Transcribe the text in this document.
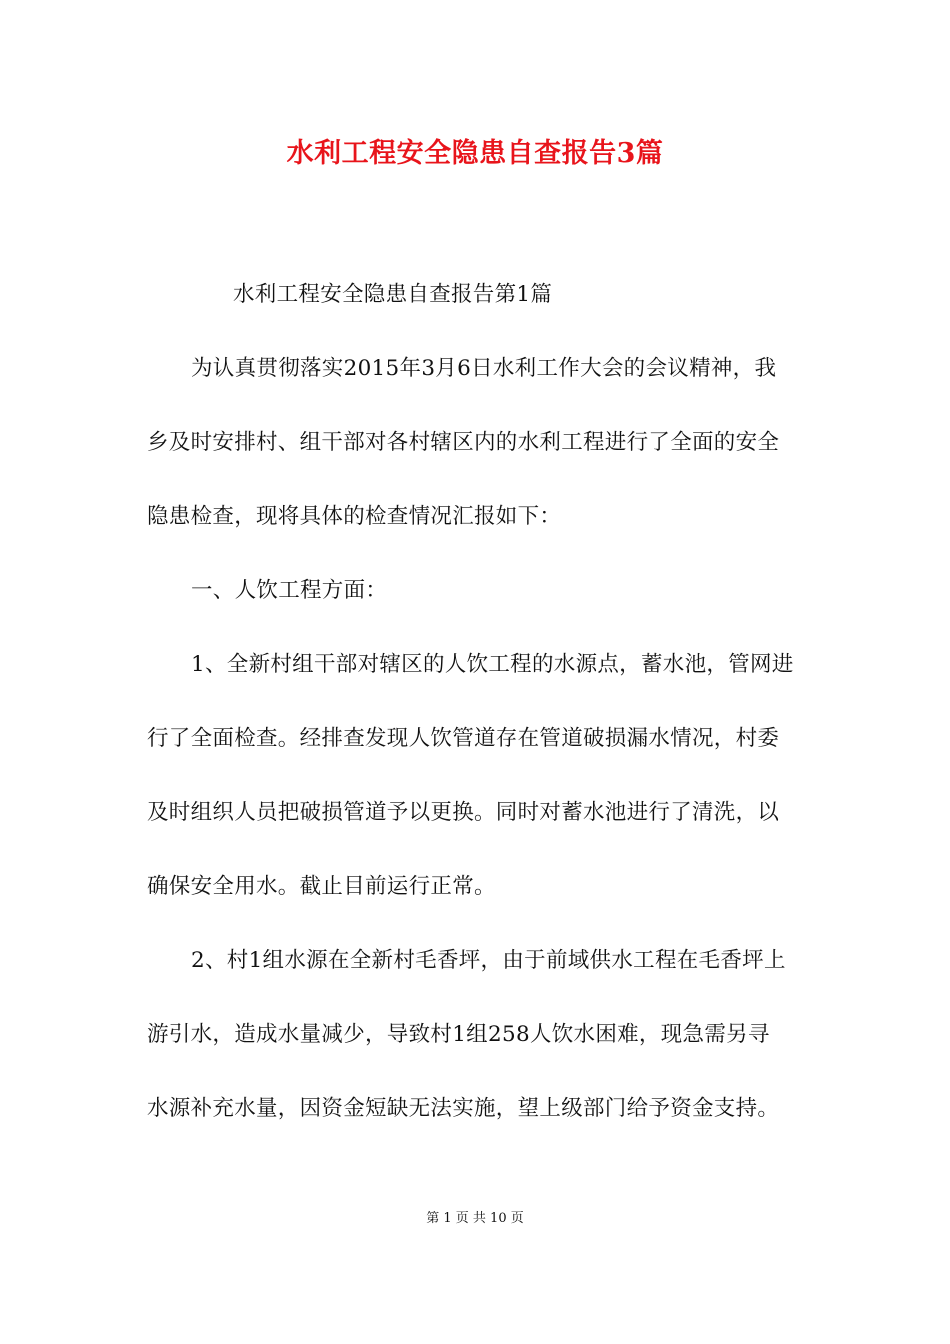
水利工程安全隐患自查报告3篇
水利工程安全隐患自查报告第1篇
为认真贯彻落实2015年3月6日水利工作大会的会议精神，我
乡及时安排村、组干部对各村辖区内的水利工程进行了全面的安全
隐患检查，现将具体的检查情况汇报如下：
一、人饮工程方面：
1、全新村组干部对辖区的人饮工程的水源点，蓄水池，管网进
行了全面检查。经排查发现人饮管道存在管道破损漏水情况，村委
及时组织人员把破损管道予以更换。同时对蓄水池进行了清洗，以
确保安全用水。截止目前运行正常。
2、村1组水源在全新村毛香坪，由于前域供水工程在毛香坪上
游引水，造成水量减少，导致村1组258人饮水困难，现急需另寻
水源补充水量，因资金短缺无法实施，望上级部门给予资金支持。
第 1 页 共 10 页
